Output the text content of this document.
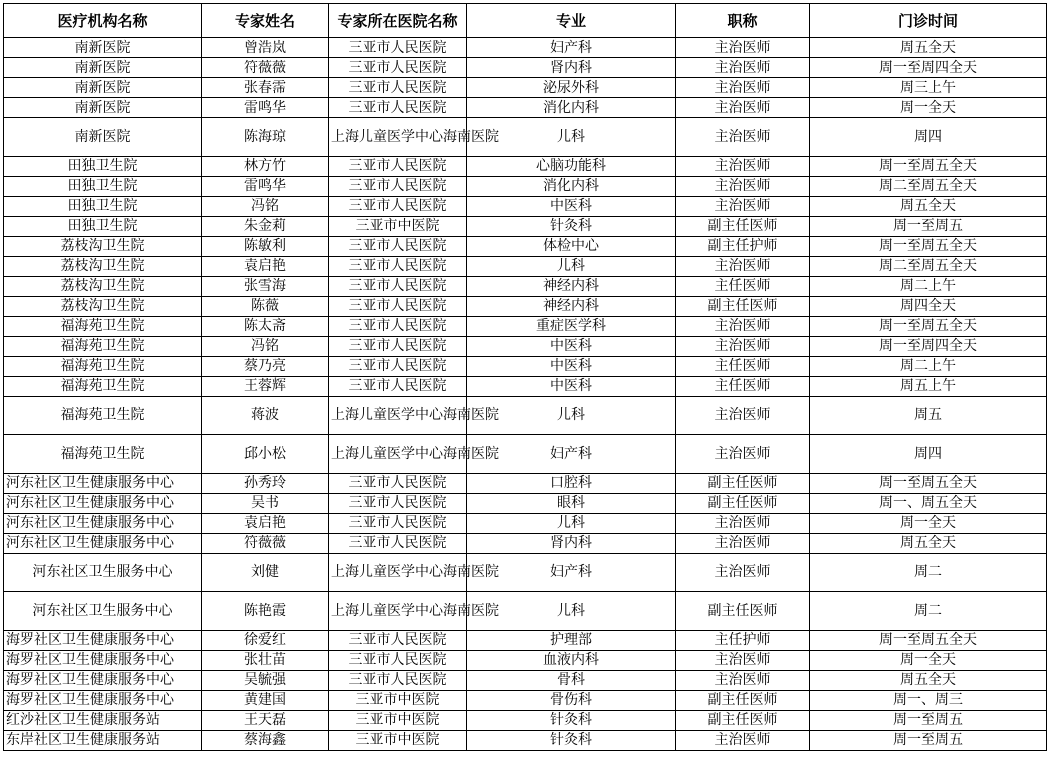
医疗机构名称	专家姓名	专家所在医院名称	专业	职称	门诊时间
南新医院	曾浩岚	三亚市人民医院	妇产科	主治医师	周五全天
南新医院	符薇薇	三亚市人民医院	肾内科	主治医师	周一至周四全天
南新医院	张春霈	三亚市人民医院	泌尿外科	主治医师	周三上午
南新医院	雷鸣华	三亚市人民医院	消化内科	主治医师	周一全天
南新医院	陈海琼	上海儿童医学中心海南医院	儿科	主治医师	周四
田独卫生院	林方竹	三亚市人民医院	心脑功能科	主治医师	周一至周五全天
田独卫生院	雷鸣华	三亚市人民医院	消化内科	主治医师	周二至周五全天
田独卫生院	冯铭	三亚市人民医院	中医科	主治医师	周五全天
田独卫生院	朱金莉	三亚市中医院	针灸科	副主任医师	周一至周五
荔枝沟卫生院	陈敏利	三亚市人民医院	体检中心	副主任护师	周一至周五全天
荔枝沟卫生院	袁启艳	三亚市人民医院	儿科	主治医师	周二至周五全天
荔枝沟卫生院	张雪海	三亚市人民医院	神经内科	主任医师	周二上午
荔枝沟卫生院	陈薇	三亚市人民医院	神经内科	副主任医师	周四全天
福海苑卫生院	陈太斋	三亚市人民医院	重症医学科	主治医师	周一至周五全天
福海苑卫生院	冯铭	三亚市人民医院	中医科	主治医师	周一至周四全天
福海苑卫生院	蔡乃亮	三亚市人民医院	中医科	主任医师	周二上午
福海苑卫生院	王蓉辉	三亚市人民医院	中医科	主任医师	周五上午
福海苑卫生院	蒋波	上海儿童医学中心海南医院	儿科	主治医师	周五
福海苑卫生院	邱小松	上海儿童医学中心海南医院	妇产科	主治医师	周四
河东社区卫生健康服务中心	孙秀玲	三亚市人民医院	口腔科	副主任医师	周一至周五全天
河东社区卫生健康服务中心	吴书	三亚市人民医院	眼科	副主任医师	周一、周五全天
河东社区卫生健康服务中心	袁启艳	三亚市人民医院	儿科	主治医师	周一全天
河东社区卫生健康服务中心	符薇薇	三亚市人民医院	肾内科	主治医师	周五全天
河东社区卫生服务中心	刘健	上海儿童医学中心海南医院	妇产科	主治医师	周二
河东社区卫生服务中心	陈艳霞	上海儿童医学中心海南医院	儿科	副主任医师	周二
海罗社区卫生健康服务中心	徐爱红	三亚市人民医院	护理部	主任护师	周一至周五全天
海罗社区卫生健康服务中心	张壮苗	三亚市人民医院	血液内科	主治医师	周一全天
海罗社区卫生健康服务中心	吴毓强	三亚市人民医院	骨科	主治医师	周五全天
海罗社区卫生健康服务中心	黄建国	三亚市中医院	骨伤科	副主任医师	周一、周三
红沙社区卫生健康服务站	王天磊	三亚市中医院	针灸科	副主任医师	周一至周五
东岸社区卫生健康服务站	蔡海鑫	三亚市中医院	针灸科	主治医师	周一至周五
